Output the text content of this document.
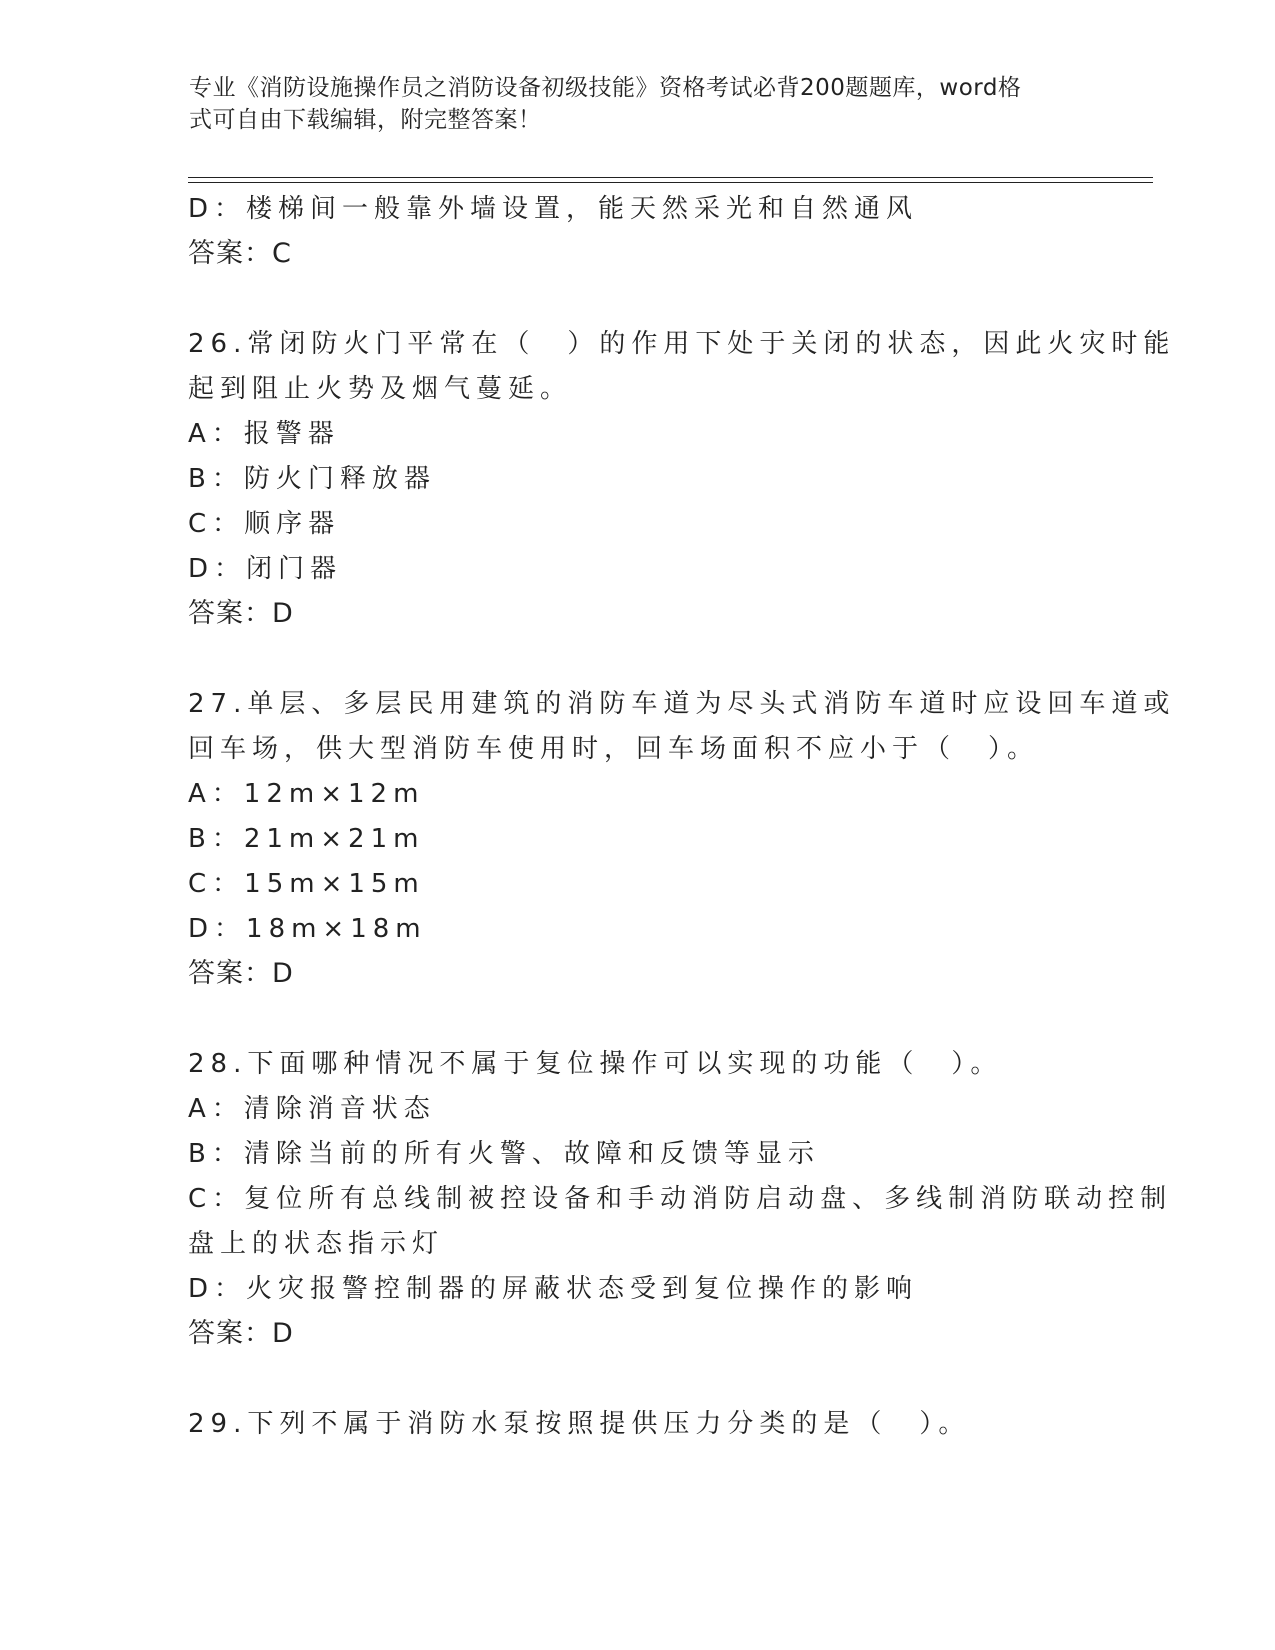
专业《消防设施操作员之消防设备初级技能》资格考试必背200题题库，word格
式可自由下载编辑，附完整答案！
D：楼梯间一般靠外墙设置，能天然采光和自然通风
答案：C
26.常闭防火门平常在（　）的作用下处于关闭的状态，因此火灾时能
起到阻止火势及烟气蔓延。
A：报警器
B：防火门释放器
C：顺序器
D：闭门器
答案：D
27.单层、多层民用建筑的消防车道为尽头式消防车道时应设回车道或
回车场，供大型消防车使用时，回车场面积不应小于（　）。
A：12m×12m
B：21m×21m
C：15m×15m
D：18m×18m
答案：D
28.下面哪种情况不属于复位操作可以实现的功能（　）。
A：清除消音状态
B：清除当前的所有火警、故障和反馈等显示
C：复位所有总线制被控设备和手动消防启动盘、多线制消防联动控制
盘上的状态指示灯
D：火灾报警控制器的屏蔽状态受到复位操作的影响
答案：D
29.下列不属于消防水泵按照提供压力分类的是（　）。
